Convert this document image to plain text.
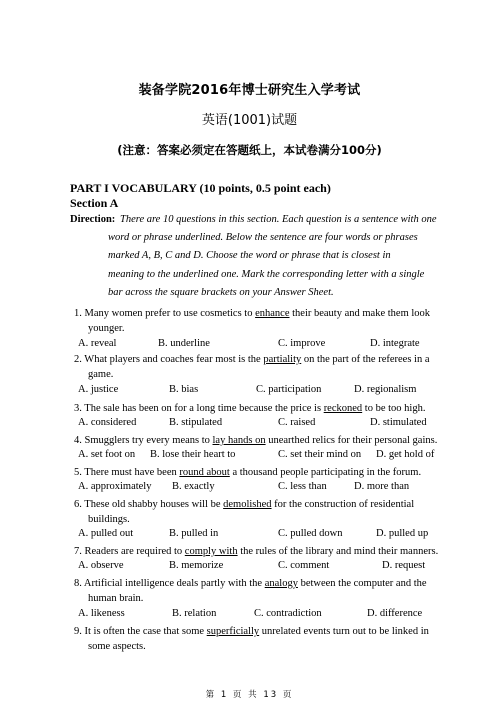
装备学院2016年博士研究生入学考试
英语(1001)试题
(注意：答案必须定在答题纸上，本试卷满分100分)
PART I VOCABULARY (10 points, 0.5 point each)
Section A
Direction: There are 10 questions in this section. Each question is a sentence with one
word or phrase underlined. Below the sentence are four words or phrases
marked A, B, C and D. Choose the word or phrase that is closest in
meaning to the underlined one. Mark the corresponding letter with a single
bar across the square brackets on your Answer Sheet.
1. Many women prefer to use cosmetics to enhance their beauty and make them look
younger.
A. reveal	B. underline	C. improve	D. integrate
2. What players and coaches fear most is the partiality on the part of the referees in a
game.
A. justice	B. bias	C. participation	D. regionalism
3. The sale has been on for a long time because the price is reckoned to be too high.
A. considered	B. stipulated	C. raised	D. stimulated
4. Smugglers try every means to lay hands on unearthed relics for their personal gains.
A. set foot on B. lose their heart to	C. set their mind on D. get hold of
5. There must have been round about a thousand people participating in the forum.
A. approximately B. exactly	C. less than	D. more than
6. These old shabby houses will be demolished for the construction of residential
buildings.
A. pulled out	B. pulled in	C. pulled down	D. pulled up
7. Readers are required to comply with the rules of the library and mind their manners.
A. observe	B. memorize	C. comment	D. request
8. Artificial intelligence deals partly with the analogy between the computer and the
human brain.
A. likeness	B. relation	C. contradiction	D. difference
9. It is often the case that some superficially unrelated events turn out to be linked in
some aspects.
第 1 页 共 13 页
